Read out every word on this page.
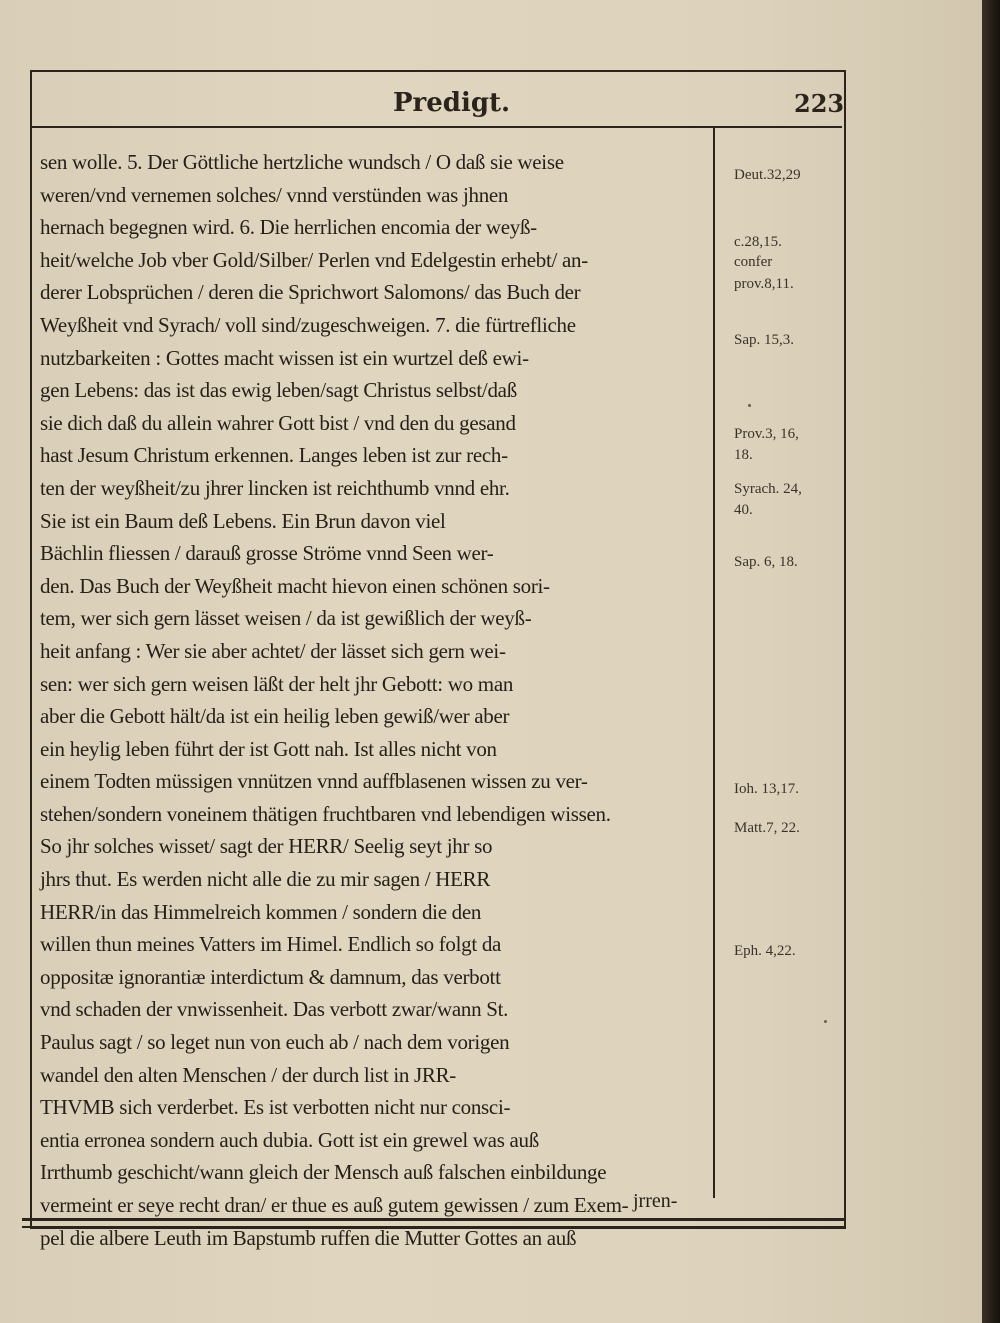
Predigt.	223
sen wolle. 5. Der Göttliche hertzliche wundsch / O daß sie weise
weren/vnd vernemen solches/ vnnd verstünden was jhnen
hernach begegnen wird. 6. Die herrlichen encomia der weyß-
heit/welche Job vber Gold/Silber/ Perlen vnd Edelgestin erhebt/ an-
derer Lobsprüchen / deren die Sprichwort Salomons/ das Buch der
Weyßheit vnd Syrach/ voll sind/zugeschweigen. 7. die fürtrefliche
nutzbarkeiten : Gottes macht wissen ist ein wurtzel deß ewi-
gen Lebens: das ist das ewig leben/sagt Christus selbst/daß
sie dich daß du allein wahrer Gott bist / vnd den du gesand
hast Jesum Christum erkennen. Langes leben ist zur rech-
ten der weyßheit/zu jhrer lincken ist reichthumb vnnd ehr.
Sie ist ein Baum deß Lebens. Ein Brun davon viel
Bächlin fliessen / darauß grosse Ströme vnnd Seen wer-
den. Das Buch der Weyßheit macht hievon einen schönen sori-
tem, wer sich gern lässet weisen / da ist gewißlich der weyß-
heit anfang : Wer sie aber achtet/ der lässet sich gern wei-
sen: wer sich gern weisen läßt der helt jhr Gebott: wo man
aber die Gebott hält/da ist ein heilig leben gewiß/wer aber
ein heylig leben führt der ist Gott nah. Ist alles nicht von
einem Todten müssigen vnnützen vnnd auffblasenen wissen zu ver-
stehen/sondern voneinem thätigen fruchtbaren vnd lebendigen wissen.
So jhr solches wisset/ sagt der HERR/ Seelig seyt jhr so
jhrs thut. Es werden nicht alle die zu mir sagen / HERR
HERR/in das Himmelreich kommen / sondern die den
willen thun meines Vatters im Himel. Endlich so folgt da
oppositæ ignorantiæ interdictum & damnum, das verbott
vnd schaden der vnwissenheit. Das verbott zwar/wann St.
Paulus sagt / so leget nun von euch ab / nach dem vorigen
wandel den alten Menschen / der durch list in JRR-
THVMB sich verderbet. Es ist verbotten nicht nur consci-
entia erronea sondern auch dubia. Gott ist ein grewel was auß
Irrthumb geschicht/wann gleich der Mensch auß falschen einbildunge
vermeint er seye recht dran/ er thue es auß gutem gewissen / zum Exem-
pel die albere Leuth im Bapstumb ruffen die Mutter Gottes an auß
Deut.32,29
c.28,15.
confer
prov.8,11.
Sap. 15,3.
Prov.3, 16,
18.
Syrach. 24,
40.
Sap. 6, 18.
Ioh. 13,17.
Matt.7, 22.
Eph. 4,22.
jrren-
